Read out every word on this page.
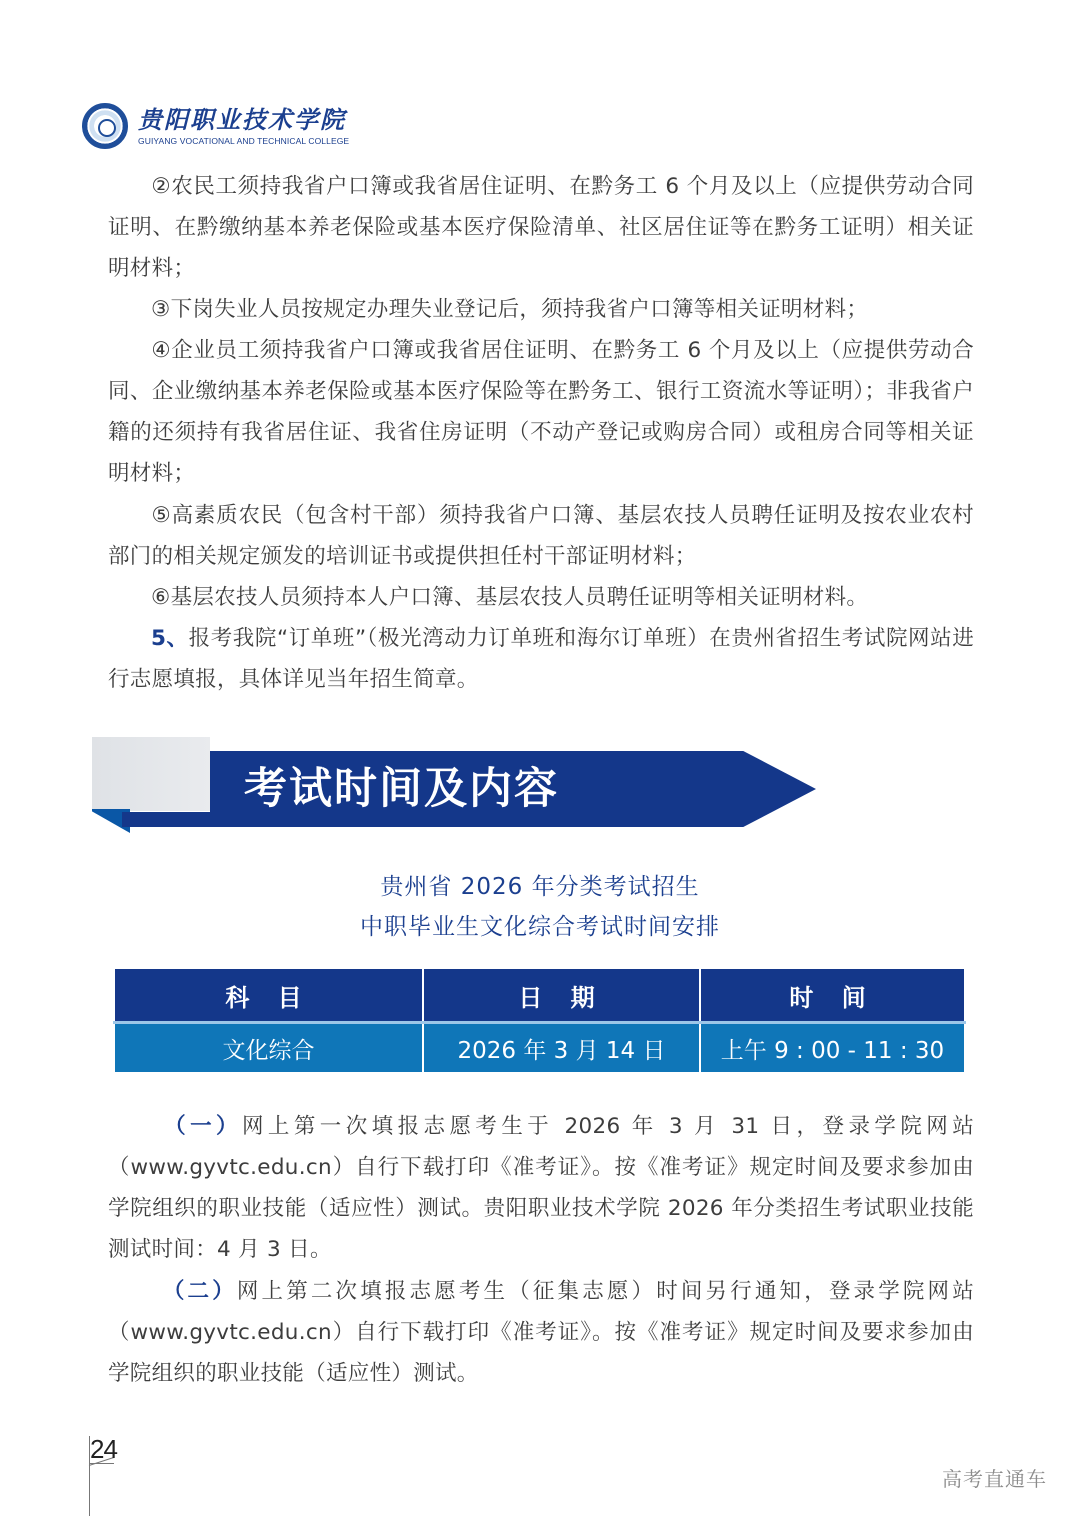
贵阳职业技术学院
GUIYANG VOCATIONAL AND TECHNICAL COLLEGE
②农民工须持我省户口簿或我省居住证明、在黔务工 6 个月及以上（应提供劳动合同证明、在黔缴纳基本养老保险或基本医疗保险清单、社区居住证等在黔务工证明）相关证明材料；
③下岗失业人员按规定办理失业登记后，须持我省户口簿等相关证明材料；
④企业员工须持我省户口簿或我省居住证明、在黔务工 6 个月及以上（应提供劳动合同、企业缴纳基本养老保险或基本医疗保险等在黔务工、银行工资流水等证明）；非我省户籍的还须持有我省居住证、我省住房证明（不动产登记或购房合同）或租房合同等相关证明材料；
⑤高素质农民（包含村干部）须持我省户口簿、基层农技人员聘任证明及按农业农村部门的相关规定颁发的培训证书或提供担任村干部证明材料；
⑥基层农技人员须持本人户口簿、基层农技人员聘任证明等相关证明材料。
5、报考我院“订单班”（极光湾动力订单班和海尔订单班）在贵州省招生考试院网站进行志愿填报，具体详见当年招生简章。
考试时间及内容
贵州省 2026 年分类考试招生
中职毕业生文化综合考试时间安排
科 目	日 期	时 间
文化综合	2026 年 3 月 14 日	上午 9 : 00 - 11 : 30
（一）网上第一次填报志愿考生于 2026 年 3 月 31 日，登录学院网站（www.gyvtc.edu.cn）自行下载打印《准考证》。按《准考证》规定时间及要求参加由学院组织的职业技能（适应性）测试。贵阳职业技术学院 2026 年分类招生考试职业技能测试时间：4 月 3 日。
（二）网上第二次填报志愿考生（征集志愿）时间另行通知，登录学院网站（www.gyvtc.edu.cn）自行下载打印《准考证》。按《准考证》规定时间及要求参加由学院组织的职业技能（适应性）测试。
24
高考直通车
